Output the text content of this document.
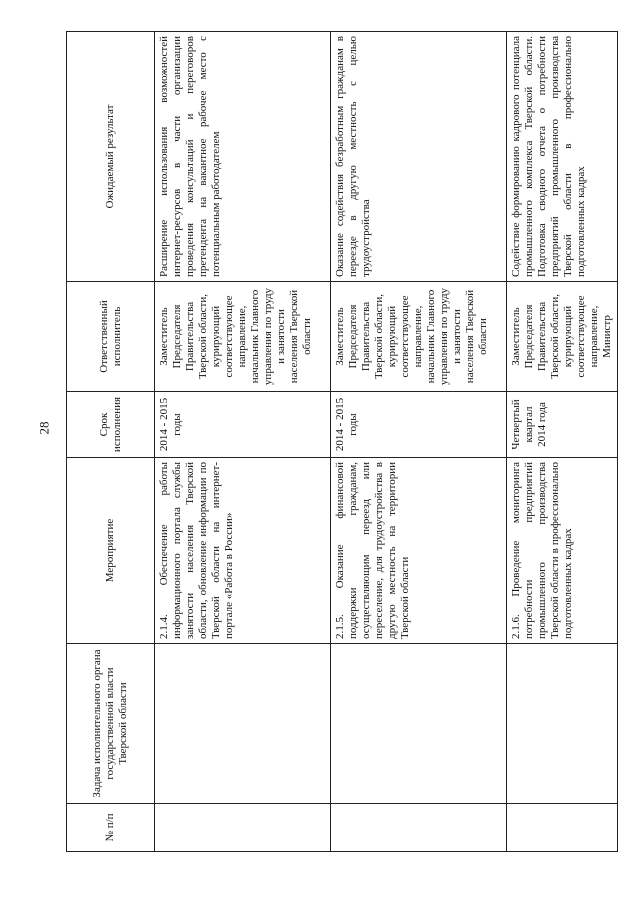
28
№ п/п	Задача исполнительного органа государственной власти Тверской области	Мероприятие	Срок исполнения	Ответственный исполнитель	Ожидаемый результат
		2.1.4. Обеспечение работы информационного портала службы занятости населения Тверской области, обновление информации по Тверской области на интернет-портале «Работа в России»	2014 - 2015 годы	Заместитель Председателя Правительства Тверской области, курирующий соответствующее направление, начальник Главного управления по труду и занятости населения Тверской области	Расширение использования возможностей интернет-ресурсов в части организации проведения консультаций и переговоров претендента на вакантное рабочее место с потенциальным работодателем
		2.1.5. Оказание финансовой поддержки гражданам, осуществляющим переезд или переселение, для трудоустройства в другую местность на территории Тверской области	2014 - 2015 годы	Заместитель Председателя Правительства Тверской области, курирующий соответствующее направление, начальник Главного управления по труду и занятости населения Тверской области	Оказание содействия безработным гражданам в переезде в другую местность с целью трудоустройства
		2.1.6. Проведение мониторинга потребности предприятий промышленного производства Тверской области в профессионально подготовленных кадрах	Четвертый квартал 2014 года	Заместитель Председателя Правительства Тверской области, курирующий соответствующее направление, Министр	Содействие формированию кадрового потенциала промышленного комплекса Тверской области. Подготовка сводного отчета о потребности предприятий промышленного производства Тверской области в профессионально подготовленных кадрах
